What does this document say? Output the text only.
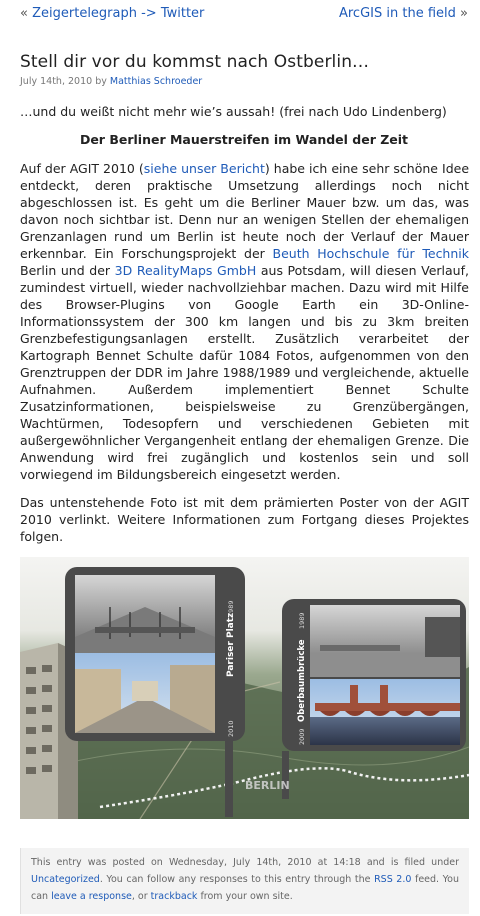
« Zeigertelegraph -> Twitter	ArcGIS in the field »
Stell dir vor du kommst nach Ostberlin…
July 14th, 2010 by Matthias Schroeder

…und du weißt nicht mehr wie’s aussah! (frei nach Udo Lindenberg)

Der Berliner Mauerstreifen im Wandel der Zeit

Auf der AGIT 2010 (siehe unser Bericht) habe ich eine sehr schöne Idee entdeckt, deren praktische Umsetzung allerdings noch nicht abgeschlossen ist. Es geht um die Berliner Mauer bzw. um das, was davon noch sichtbar ist. Denn nur an wenigen Stellen der ehemaligen Grenzanlagen rund um Berlin ist heute noch der Verlauf der Mauer erkennbar. Ein Forschungsprojekt der Beuth Hochschule für Technik Berlin und der 3D RealityMaps GmbH aus Potsdam, will diesen Verlauf, zumindest virtuell, wieder nachvollziehbar machen. Dazu wird mit Hilfe des Browser-Plugins von Google Earth ein 3D-Online-Informationssystem der 300 km langen und bis zu 3km breiten Grenzbefestigungsanlagen erstellt. Zusätzlich verarbeitet der Kartograph Bennet Schulte dafür 1084 Fotos, aufgenommen von den Grenztruppen der DDR im Jahre 1988/1989 und vergleichende, aktuelle Aufnahmen. Außerdem implementiert Bennet Schulte Zusatzinformationen, beispielsweise zu Grenzübergängen, Wachtürmen, Todesopfern und verschiedenen Gebieten mit außergewöhnlicher Vergangenheit entlang der ehemaligen Grenze. Die Anwendung wird frei zugänglich und kostenlos sein und soll vorwiegend im Bildungsbereich eingesetzt werden.

Das untenstehende Foto ist mit dem prämierten Poster von der AGIT 2010 verlinkt. Weitere Informationen zum Fortgang dieses Projektes folgen.

Pariser Platz
1989
2010
Oberbaumbrücke
1989
2009
BERLIN
This entry was posted on Wednesday, July 14th, 2010 at 14:18 and is filed under Uncategorized. You can follow any responses to this entry through the RSS 2.0 feed. You can leave a response, or trackback from your own site.
